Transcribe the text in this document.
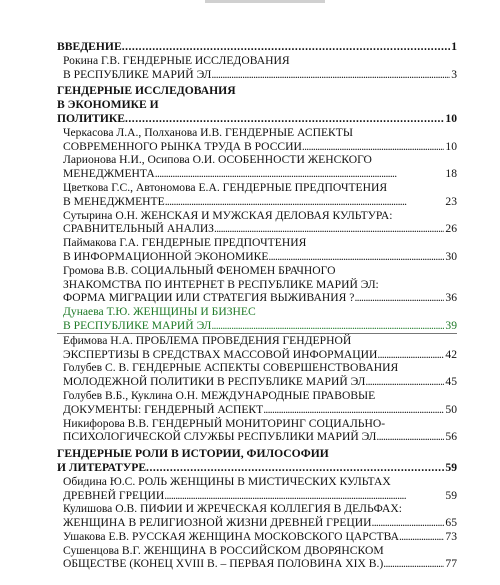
ВВЕДЕНИЕ . . .	1
Рокина Г.В. ГЕНДЕРНЫЕ ИССЛЕДОВАНИЯ
В РЕСПУБЛИКЕ МАРИЙ ЭЛ . . .	3
ГЕНДЕРНЫЕ ИССЛЕДОВАНИЯ
В ЭКОНОМИКЕ И
ПОЛИТИКЕ . . .	10
Черкасова Л.А., Полханова И.В. ГЕНДЕРНЫЕ АСПЕКТЫ
СОВРЕМЕННОГО РЫНКА ТРУДА В РОССИИ . . .	10
Ларионова Н.И., Осипова О.И. ОСОБЕННОСТИ ЖЕНСКОГО
МЕНЕДЖМЕНТА . . .	18
Цветкова Г.С., Автономова Е.А. ГЕНДЕРНЫЕ ПРЕДПОЧТЕНИЯ
В МЕНЕДЖМЕНТЕ . . .	23
Сутырина О.Н. ЖЕНСКАЯ И МУЖСКАЯ ДЕЛОВАЯ КУЛЬТУРА:
СРАВНИТЕЛЬНЫЙ АНАЛИЗ . . .	26
Паймакова Г.А. ГЕНДЕРНЫЕ ПРЕДПОЧТЕНИЯ
В ИНФОРМАЦИОННОЙ ЭКОНОМИКЕ . . .	30
Громова В.В. СОЦИАЛЬНЫЙ ФЕНОМЕН БРАЧНОГО
ЗНАКОМСТВА ПО ИНТЕРНЕТ В РЕСПУБЛИКЕ МАРИЙ ЭЛ:
ФОРМА МИГРАЦИИ ИЛИ СТРАТЕГИЯ ВЫЖИВАНИЯ ? . . .	36
Дунаева Т.Ю. ЖЕНЩИНЫ И БИЗНЕС
В РЕСПУБЛИКЕ МАРИЙ ЭЛ . . .	39
Ефимова Н.А. ПРОБЛЕМА ПРОВЕДЕНИЯ ГЕНДЕРНОЙ
ЭКСПЕРТИЗЫ В СРЕДСТВАХ МАССОВОЙ ИНФОРМАЦИИ . . .	42
Голубев С. В. ГЕНДЕРНЫЕ АСПЕКТЫ СОВЕРШЕНСТВОВАНИЯ
МОЛОДЕЖНОЙ ПОЛИТИКИ В РЕСПУБЛИКЕ МАРИЙ ЭЛ . . .	45
Голубев В.Б., Куклина О.Н. МЕЖДУНАРОДНЫЕ ПРАВОВЫЕ
ДОКУМЕНТЫ: ГЕНДЕРНЫЙ АСПЕКТ . . .	50
Никифорова В.В. ГЕНДЕРНЫЙ МОНИТОРИНГ СОЦИАЛЬНО-
ПСИХОЛОГИЧЕСКОЙ СЛУЖБЫ РЕСПУБЛИКИ МАРИЙ ЭЛ . . .	56
ГЕНДЕРНЫЕ РОЛИ В ИСТОРИИ, ФИЛОСОФИИ
И ЛИТЕРАТУРЕ . . .	59
Обидина Ю.С. РОЛЬ ЖЕНЩИНЫ В МИСТИЧЕСКИХ КУЛЬТАХ
ДРЕВНЕЙ ГРЕЦИИ . . .	59
Кулишова О.В. ПИФИИ И ЖРЕЧЕСКАЯ КОЛЛЕГИЯ В ДЕЛЬФАХ:
ЖЕНЩИНА В РЕЛИГИОЗНОЙ ЖИЗНИ ДРЕВНЕЙ ГРЕЦИИ . . .	65
Ушакова Е.В. РУССКАЯ ЖЕНЩИНА МОСКОВСКОГО ЦАРСТВА . . .	73
Сушенцова В.Г. ЖЕНЩИНА В РОССИЙСКОМ ДВОРЯНСКОМ
ОБЩЕСТВЕ (КОНЕЦ XVIII В. – ПЕРВАЯ ПОЛОВИНА XIX В.) . . .	77
